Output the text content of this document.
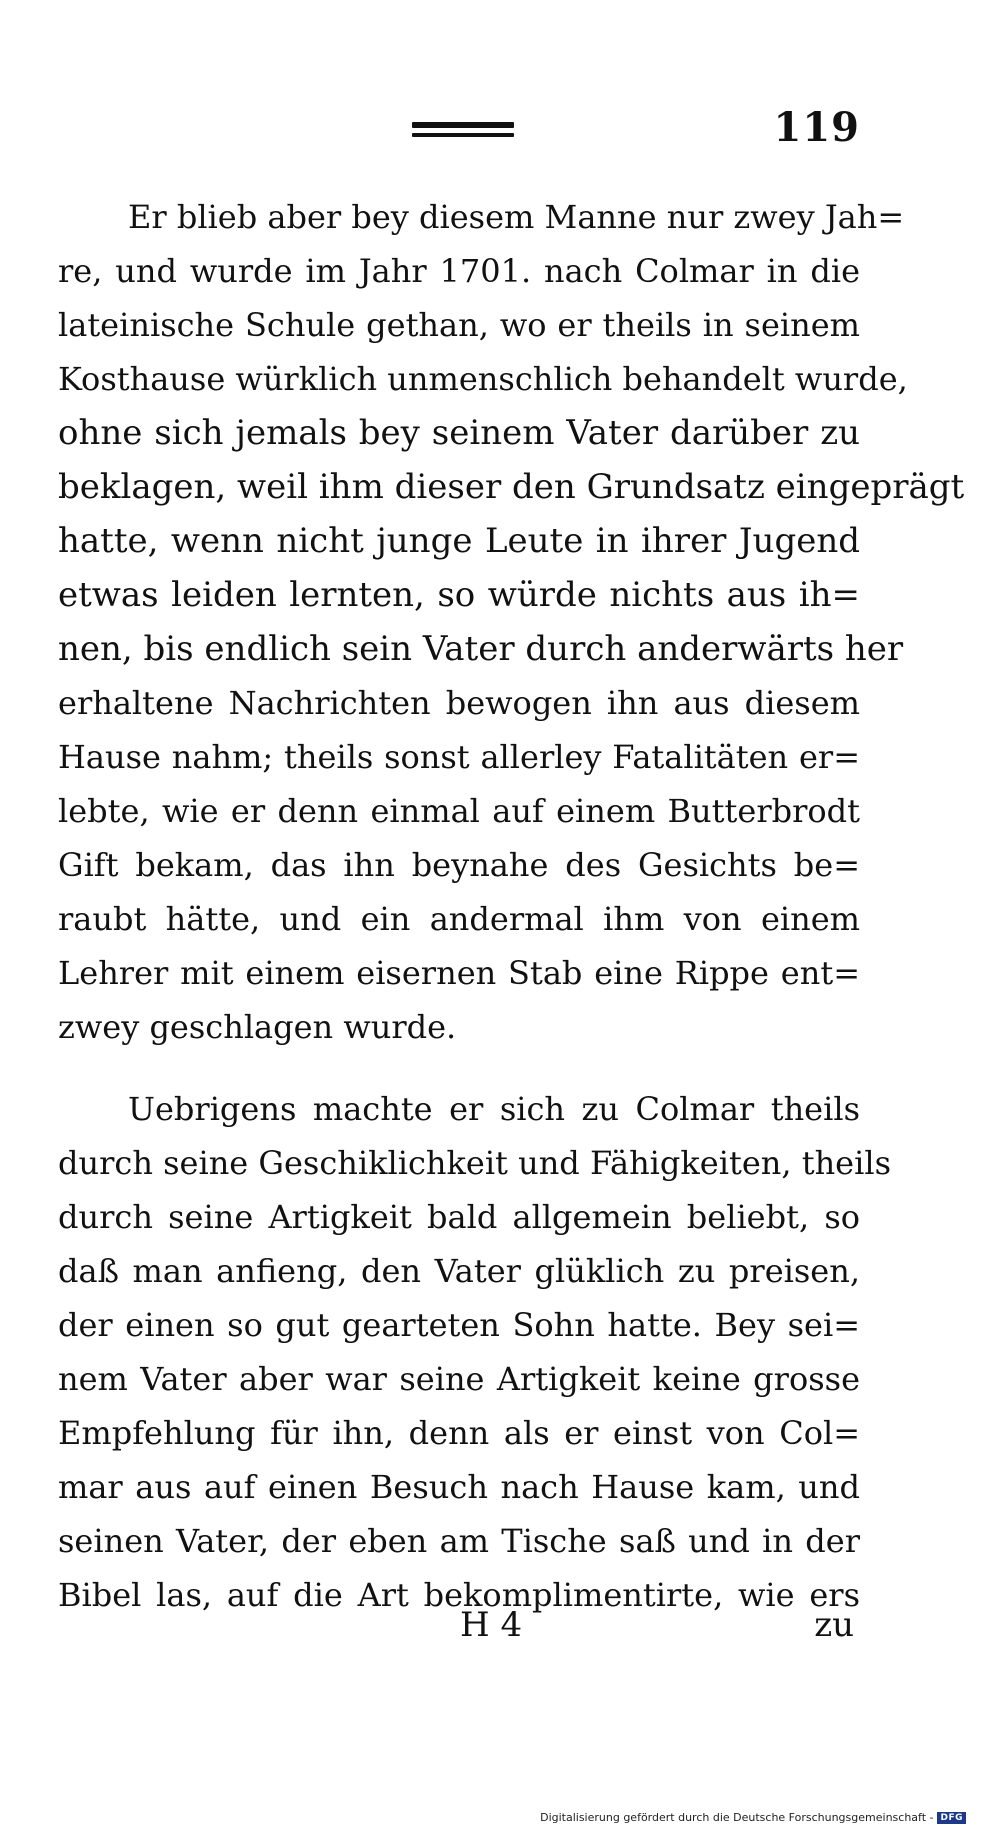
119
Er blieb aber bey diesem Manne nur zwey Jah=
re, und wurde im Jahr 1701. nach Colmar in die
lateinische Schule gethan, wo er theils in seinem
Kosthause würklich unmenschlich behandelt wurde,
ohne sich jemals bey seinem Vater darüber zu
beklagen, weil ihm dieser den Grundsatz eingeprägt
hatte, wenn nicht junge Leute in ihrer Jugend
etwas leiden lernten, so würde nichts aus ih=
nen, bis endlich sein Vater durch anderwärts her
erhaltene Nachrichten bewogen ihn aus diesem
Hause nahm; theils sonst allerley Fatalitäten er=
lebte, wie er denn einmal auf einem Butterbrodt
Gift bekam, das ihn beynahe des Gesichts be=
raubt hätte, und ein andermal ihm von einem
Lehrer mit einem eisernen Stab eine Rippe ent=
zwey geschlagen wurde.
Uebrigens machte er sich zu Colmar theils
durch seine Geschiklichkeit und Fähigkeiten, theils
durch seine Artigkeit bald allgemein beliebt, so
daß man anfieng, den Vater glüklich zu preisen,
der einen so gut gearteten Sohn hatte. Bey sei=
nem Vater aber war seine Artigkeit keine grosse
Empfehlung für ihn, denn als er einst von Col=
mar aus auf einen Besuch nach Hause kam, und
seinen Vater, der eben am Tische saß und in der
Bibel las, auf die Art bekomplimentirte, wie ers
H 4	zu
Digitalisierung gefördert durch die Deutsche Forschungsgemeinschaft - DFG
